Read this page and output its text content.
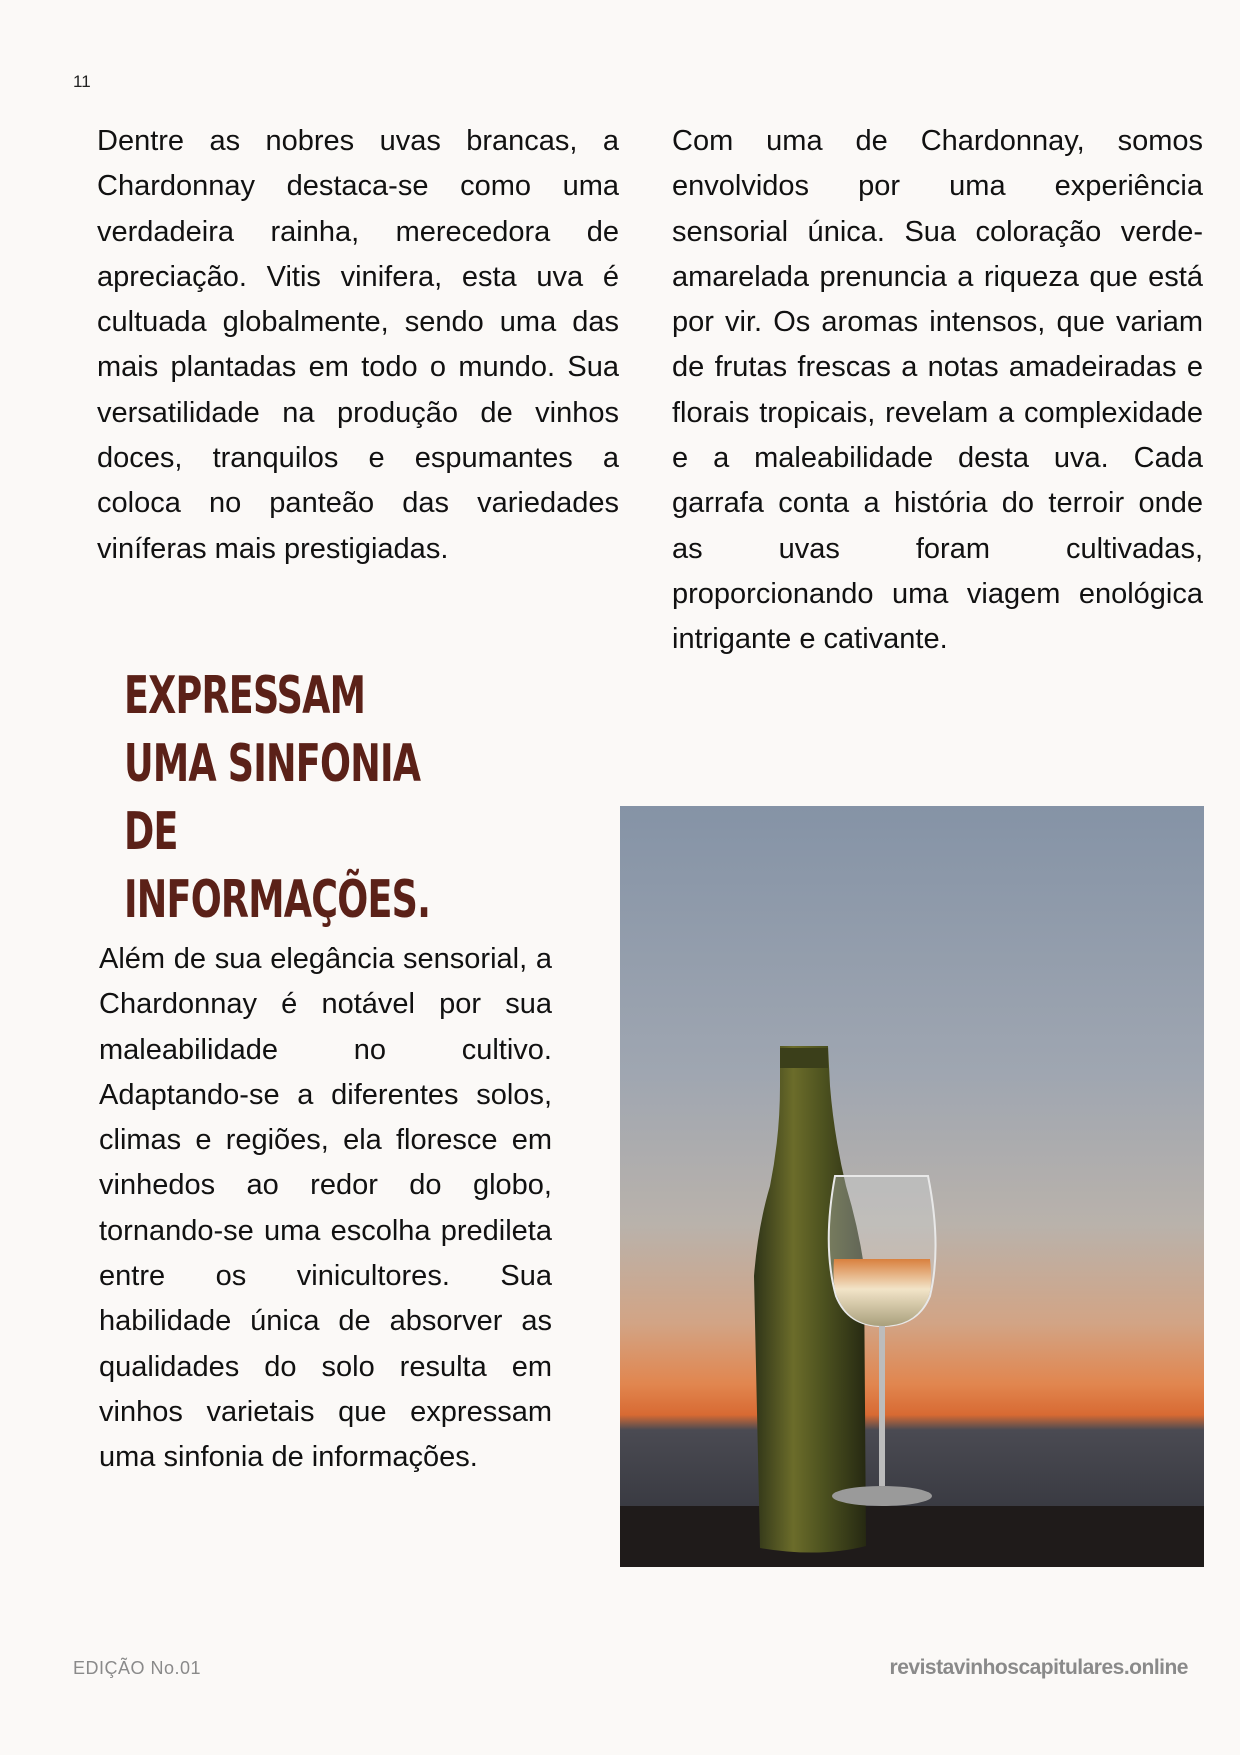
11

Dentre as nobres uvas brancas, a Chardonnay destaca-se como uma verdadeira rainha, merecedora de apreciação. Vitis vinifera, esta uva é cultuada globalmente, sendo uma das mais plantadas em todo o mundo. Sua versatilidade na produção de vinhos doces, tranquilos e espumantes a coloca no panteão das variedades viníferas mais prestigiadas.

Com uma de Chardonnay, somos envolvidos por uma experiência sensorial única. Sua coloração verde-amarelada prenuncia a riqueza que está por vir. Os aromas intensos, que variam de frutas frescas a notas amadeiradas e florais tropicais, revelam a complexidade e a maleabilidade desta uva. Cada garrafa conta a história do terroir onde as uvas foram cultivadas, proporcionando uma viagem enológica intrigante e cativante.

EXPRESSAM UMA SINFONIA DE INFORMAÇÕES.

Além de sua elegância sensorial, a Chardonnay é notável por sua maleabilidade no cultivo. Adaptando-se a diferentes solos, climas e regiões, ela floresce em vinhedos ao redor do globo, tornando-se uma escolha predileta entre os vinicultores. Sua habilidade única de absorver as qualidades do solo resulta em vinhos varietais que expressam uma sinfonia de informações.

EDIÇÃO No.01	revistavinhoscapitulares.online
